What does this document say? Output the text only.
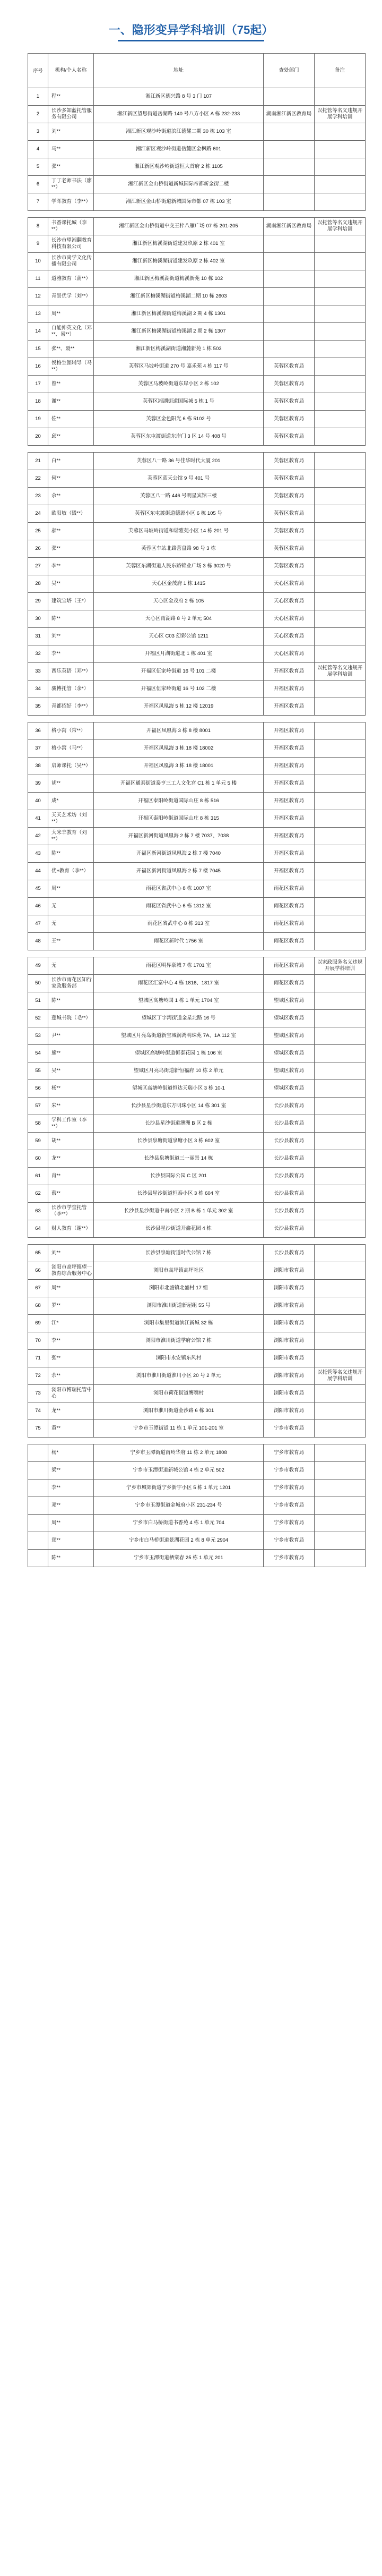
一、隐形变异学科培训（75起）
序号	机构/个人名称	地址	查处部门	备注
1	程**	湘江新区德兴路 8 号 3 门 107		
2	长沙多知蓝托管服务有限公司	湘江新区望思街道岳湖路 140 号八方小区 A 栋 232-233	湖南湘江新区教育局	以托管等名义违规开展学科培训
3	刘**	湘江新区观沙岭街道滨江德耀二期 30 栋 103 室		
4	马**	湘江新区观沙岭街道岳麓区金枫路 601		
5	张**	湘江新区观沙岭街道恒大首府 2 栋 1105		
6	丁丁老师书法（廖**）	湘江新区金山桥街道新城国际帝都新金街二楼		
7	学晖教育（李**）	湘江新区金山桥街道新城国际帝都 07 栋 103 室		

8	书香课托城（李**）	湘江新区金山桥街道中交王梓八雁广场 07 栋 201-205	湖南湘江新区教育局	以托管等名义违规开展学科培训
9	长沙市望湘翻教育科技有限公司	湘江新区梅溪湖街道建发玖原 2 栋 401 室		
10	长沙市尚学文化传播有限公司	湘江新区梅溪湖街道建发玖原 2 栋 402 室		
11	道雅教育（蒲**）	湘江新区梅溪湖街道梅溪新苑 10 栋 102		
12	青景优学（刘**）	湘江新区梅溪湖街道梅溪湖二期 10 栋 2603		
13	周**	湘江新区梅溪湖街道梅溪湖 2 期 4 栋 1301		
14	自能伸英文化（邓**、易**）	湘江新区梅溪湖街道梅溪湖 2 期 2 栋 1307		
15	张**、聂**	湘江新区梅溪湖街道湘麓新苑 1 栋 503		
16	悦格生涯辅导（马**）	芙蓉区马坡岭街道 270 号 嘉禾苑 4 栋 117 号	芙蓉区教育局	
17	曾**	芙蓉区马坡岭街道东岸小区 2 栋 102	芙蓉区教育局	
18	谢**	芙蓉区湘湖街道国际城 5 栋 1 号	芙蓉区教育局	
19	佐**	芙蓉区金色阳光 6 栋 5102 号	芙蓉区教育局	
20	邱**	芙蓉区东屯渡街道东岸门 3 区 14 号 408 号	芙蓉区教育局	

21	白**	芙蓉区八一路 36 号佳华时代大厦 201	芙蓉区教育局	
22	何**	芙蓉区蓝天公馆 9 号 401 号	芙蓉区教育局	
23	余**	芙蓉区八一路 446 号明星宾馆三楼	芙蓉区教育局	
24	欧阳敏（毁**）	芙蓉区东屯渡街道德源小区 6 栋 105 号	芙蓉区教育局	
25	郝**	芙蓉区马坡岭街道和谐雅苑小区 14 栋 201 号	芙蓉区教育局	
26	张**	芙蓉区车站北路营盘路 98 号 3 栋	芙蓉区教育局	
27	李**	芙蓉区东湖街道人民东路锦业广场 3 栋 3020 号	芙蓉区教育局	
28	吴**	天心区金茂府 1 栋 1415	天心区教育局	
29	建筑宝塔（王*）	天心区金茂府 2 栋 105	天心区教育局	
30	陈**	天心区南湖路 8 号 2 单元 504	天心区教育局	
31	刘**	天心区 C03 幻彩公馆 1211	天心区教育局	
32	李**	开福区月湖街道北 1 栋 401 室	天心区教育局	
33	西乐英语（邓**）	开福区伍家岭街道 16 号 101 二楼	开福区教育局	以托管等名义违规开展学科培训
34	骏博托管（余*）	开福区伍家岭街道 16 号 102 二楼	开福区教育局	
35	青都招好（李**）	开福区凤凰海 5 栋 12 楼 12019	开福区教育局	

36	格小窝（常**）	开福区凤凰海 3 栋 8 楼 8001	开福区教育局	
37	格小窝（马**）	开福区凤凰海 3 栋 18 楼 18002	开福区教育局	
38	启师课托（吴**）	开福区凤凰海 3 栋 18 楼 18001	开福区教育局	
39	胡**	开福区通泰街道泰亨三工人文化宫 C1 栋 1 单元 5 楼	开福区教育局	
40	成*	开福区泰阳岭街道国际山庄 8 栋 516	开福区教育局	
41	天天艺术坊（刘**）	开福区泰阳岭街道国际山庄 8 栋 315	开福区教育局	
42	大米丰教育（刘**）	开福区新河街道凤凰海 2 栋 7 楼 7037、7038	开福区教育局	
43	陈**	开福区新河街道凤凰海 2 栋 7 楼 7040	开福区教育局	
44	优+教育（李**）	开福区新河街道凤凰海 2 栋 7 楼 7045	开福区教育局	
45	周**	雨花区省武中心 8 栋 1007 室	雨花区教育局	
46	无	雨花区省武中心 6 栋 1312 室	雨花区教育局	
47	无	雨花区省武中心 8 栋 313 室	雨花区教育局	
48	王**	雨花区新时代 1756 室	雨花区教育局	

49	无	雨花区明昇豪城 7 栋 1701 室	雨花区教育局	以家政服务名义违规开展学科培训
50	长沙市雨花区知行家政服务部	雨花区汇富中心 4 栋 1816、1817 室	雨花区教育局	
51	陈**	望城区高塘岭国 1 栋 1 单元 1704 室	望城区教育局	
52	莲城书院（毛**）	望城区丁字湾街道金星北路 16 号	望城区教育局	
53	尹**	望城区月亮岛街道新宝城润鸿明珠苑 7A、1A 112 室	望城区教育局	
54	熊**	望城区高塘岭街道恒泰花园 1 栋 106 室	望城区教育局	
55	吴**	望城区月亮岛街道新恒福府 10 栋 2 单元	望城区教育局	
56	杨**	望城区高塘岭街道恒达天瑞小区 3 栋 10-1	望城区教育局	
57	朱**	长沙县星沙街道东方明珠小区 14 栋 301 室	长沙县教育局	
58	学科工作室（李**）	长沙县星沙街道澳洲 B 区 2 栋	长沙县教育局	
59	胡**	长沙县泉塘街道泉塘小区 3 栋 602 室	长沙县教育局	
60	龙**	长沙县泉塘街道三一丽景 14 栋	长沙县教育局	
61	肖**	长沙县国际公园 C 区 201	长沙县教育局	
62	蔡**	长沙县星沙街道恒泰小区 3 栋 604 室	长沙县教育局	
63	长沙市学堂托管（李**）	长沙县星沙街道中南小区 2 期 B 栋 1 单元 302 室	长沙县教育局	
64	财人教育（谢**）	长沙县星沙街道开鑫花园 4 栋	长沙县教育局	

65	刘**	长沙县泉塘街道时代公馆 7 栋	长沙县教育局	
66	浏阳市高坪镇望一教育综合服务中心	浏阳市高坪镇高坪社区	浏阳市教育局	
67	周**	浏阳市北盛镇北盛村 17 组	浏阳市教育局	
68	罗**	浏阳市淮川街道新屋组 55 号	浏阳市教育局	
69	江*	浏阳市集里街道滨江新城 32 栋	浏阳市教育局	
70	李**	浏阳市淮川街道学府公馆 7 栋	浏阳市教育局	
71	张**	浏阳市永安镇东风村	浏阳市教育局	
72	余**	浏阳市淮川街道淮川小区 20 号 2 单元	浏阳市教育局	以托管等名义违规开展学科培训
73	浏阳市博瑞托管中心	浏阳市荷花街道鹰嘴村	浏阳市教育局	
74	龙**	浏阳市淮川街道金沙路 6 栋 301	浏阳市教育局	
75	黄**	宁乡市玉潭街道 11 栋 1 单元 101-201 室	宁乡市教育局	

	杨*	宁乡市玉潭街道南岭华府 11 栋 2 单元 1808	宁乡市教育局	
	梁**	宁乡市玉潭街道新城公馆 4 栋 2 单元 502	宁乡市教育局	
	李**	宁乡市城郊街道宁乡新宇小区 5 栋 1 单元 1201	宁乡市教育局	
	邓**	宁乡市玉潭街道金城府小区 231-234 号	宁乡市教育局	
	周**	宁乡市白马桥街道书香苑 4 栋 1 单元 704	宁乡市教育局	
	郑**	宁乡市白马桥街道景湖花园 2 栋 8 单元 2904	宁乡市教育局	
	陈**	宁乡市玉潭街道栖棠春 25 栋 1 单元 201	宁乡市教育局	
